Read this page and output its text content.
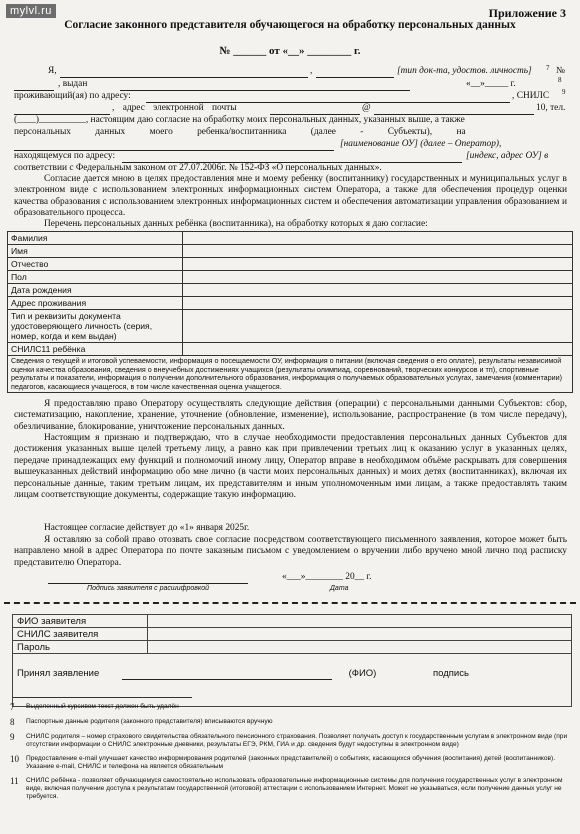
mylvl.ru	Приложение 3
Согласие законного представителя обучающегося на обработку персональных данных
№ ______ от «__» ________ г.
Я,	,	[тип док-та, удостов. личность] 7 №
, выдан	«__»_____ г.	8
проживающий(ая) по адресу:	, СНИЛС 9
, адрес электронной почты	@	10, тел.
(____)__________, настоящим даю согласие на обработку моих персональных данных, указанных выше, а также
персональных данных моего ребенка/воспитанника (далее - Субъекты), на
[наименование ОУ] (далее – Оператор),
находящемуся по адресу:	[индекс, адрес ОУ] в
соответствии с Федеральным законом от 27.07.2006г. № 152-ФЗ «О персональных данных».
Согласие дается мною в целях предоставления мне и моему ребенку (воспитаннику) государственных и муниципальных услуг в электронном виде с использованием электронных информационных систем Оператора, а также для обеспечения процедур оценки качества образования с использованием электронных информационных систем и обеспечения автоматизации управления образованием и образовательного процесса.
Перечень персональных данных ребёнка (воспитанника), на обработку которых я даю согласие:
Фамилия	
Имя	
Отчество	
Пол	
Дата рождения	
Адрес проживания	
Тип и реквизиты документа удостоверяющего личность (серия, номер, когда и кем выдан)	
СНИЛС11 ребёнка	
Сведения о текущей и итоговой успеваемости, информация о посещаемости ОУ, информация о питании (включая сведения о его оплате), результаты независимой оценки качества образования, сведения о внеучебных достижениях учащихся (результаты олимпиад, соревнований, творческих конкурсов и тп), спортивные результаты и показатели, информация о получении дополнительного образования, информация о получаемых образовательных услугах, замечания (комментарии) педагогов, касающиеся учащегося, в том числе качественная оценка учащегося.	
Я предоставляю право Оператору осуществлять следующие действия (операции) с персональными данными Субъектов: сбор, систематизацию, накопление, хранение, уточнение (обновление, изменение), использование, распространение (в том числе передачу), обезличивание, блокирование, уничтожение персональных данных.
Настоящим я признаю и подтверждаю, что в случае необходимости предоставления персональных данных Субъектов для достижения указанных выше целей третьему лицу, а равно как при привлечении третьих лиц к оказанию услуг в указанных целях, передаче принадлежащих ему функций и полномочий иному лицу, Оператор вправе в необходимом объёме раскрывать для совершения вышеуказанных действий информацию обо мне лично (в части моих персональных данных) и моих детях (воспитанниках), включая их персональные данные, таким третьим лицам, их представителям и иным уполномоченным ими лицам, а также предоставлять таким лицам соответствующие документы, содержащие такую информацию.
Настоящее согласие действует до «1» января 2025г.
Я оставляю за собой право отозвать свое согласие посредством соответствующего письменного заявления, которое может быть направлено мной в адрес Оператора по почте заказным письмом с уведомлением о вручении либо вручено мной лично под расписку представителю Оператора.
Подпись заявителя с расшифровкой
«___»________ 20__ г.
Дата
ФИО заявителя	
СНИЛС заявителя	
Пароль	
Принял заявление (ФИО) подпись	
7	Выделенный курсивом текст должен быть удалён
8	Паспортные данные родителя (законного представителя) вписываются вручную
9	СНИЛС родителя – номер страхового свидетельства обязательного пенсионного страхования. Позволяет получать доступ к государственным услугам в электронном виде (при отсутствии информации о СНИЛС электронные дневники, результаты ЕГЭ, РКМ, ГИА и др. сведения будут недоступны в электронном виде)
10	Предоставление e-mail улучшает качество информирования родителей (законных представителей) о событиях, касающихся обучения (воспитания) детей (воспитанников). Указание e-mail, СНИЛС и телефона на является обязательным
11	СНИЛС ребёнка - позволяет обучающемуся самостоятельно использовать образовательные информационные системы для получения государственных услуг в электронном виде, включая получение доступа к результатам государственной (итоговой) аттестации с использованием Интернет. Может не указываться, если получение данных услуг не требуется.
